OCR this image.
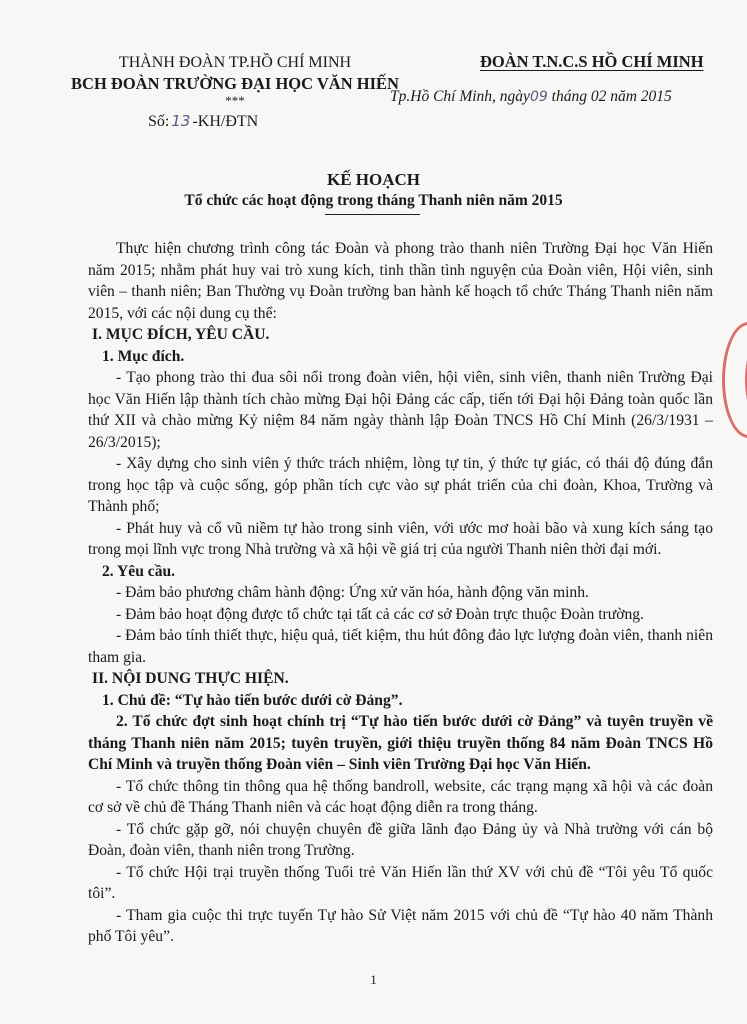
THÀNH ĐOÀN TP.HỒ CHÍ MINH
BCH ĐOÀN TRƯỜNG ĐẠI HỌC VĂN HIẾN
***
Số: 13 -KH/ĐTN
ĐOÀN T.N.C.S HỒ CHÍ MINH
Tp.Hồ Chí Minh, ngày09 tháng 02 năm 2015
KẾ HOẠCH
Tổ chức các hoạt động trong tháng Thanh niên năm 2015

Thực hiện chương trình công tác Đoàn và phong trào thanh niên Trường Đại học Văn Hiến năm 2015; nhằm phát huy vai trò xung kích, tinh thần tình nguyện của Đoàn viên, Hội viên, sinh viên – thanh niên; Ban Thường vụ Đoàn trường ban hành kế hoạch tổ chức Tháng Thanh niên năm 2015, với các nội dung cụ thể:

I. MỤC ĐÍCH, YÊU CẦU.

1. Mục đích.

- Tạo phong trào thi đua sôi nổi trong đoàn viên, hội viên, sinh viên, thanh niên Trường Đại học Văn Hiến lập thành tích chào mừng Đại hội Đảng các cấp, tiến tới Đại hội Đảng toàn quốc lần thứ XII và chào mừng Kỷ niệm 84 năm ngày thành lập Đoàn TNCS Hồ Chí Minh (26/3/1931 – 26/3/2015);

- Xây dựng cho sinh viên ý thức trách nhiệm, lòng tự tin, ý thức tự giác, có thái độ đúng đắn trong học tập và cuộc sống, góp phần tích cực vào sự phát triển của chi đoàn, Khoa, Trường và Thành phố;

- Phát huy và cổ vũ niềm tự hào trong sinh viên, với ước mơ hoài bão và xung kích sáng tạo trong mọi lĩnh vực trong Nhà trường và xã hội về giá trị của người Thanh niên thời đại mới.

2. Yêu cầu.

- Đảm bảo phương châm hành động: Ứng xử văn hóa, hành động văn minh.

- Đảm bảo hoạt động được tổ chức tại tất cả các cơ sở Đoàn trực thuộc Đoàn trường.

- Đảm bảo tính thiết thực, hiệu quả, tiết kiệm, thu hút đông đảo lực lượng đoàn viên, thanh niên tham gia.

II. NỘI DUNG THỰC HIỆN.

1. Chủ đề: “Tự hào tiến bước dưới cờ Đảng”.

2. Tổ chức đợt sinh hoạt chính trị “Tự hào tiến bước dưới cờ Đảng” và tuyên truyền về tháng Thanh niên năm 2015; tuyên truyền, giới thiệu truyền thống 84 năm Đoàn TNCS Hồ Chí Minh và truyền thống Đoàn viên – Sinh viên Trường Đại học Văn Hiến.

- Tổ chức thông tin thông qua hệ thống bandroll, website, các trạng mạng xã hội và các đoàn cơ sở về chủ đề Tháng Thanh niên và các hoạt động diễn ra trong tháng.

- Tổ chức gặp gỡ, nói chuyện chuyên đề giữa lãnh đạo Đảng ủy và Nhà trường với cán bộ Đoàn, đoàn viên, thanh niên trong Trường.

- Tổ chức Hội trại truyền thống Tuổi trẻ Văn Hiến lần thứ XV với chủ đề “Tôi yêu Tổ quốc tôi”.

- Tham gia cuộc thi trực tuyến Tự hào Sử Việt năm 2015 với chủ đề “Tự hào 40 năm Thành phố Tôi yêu”.

1
